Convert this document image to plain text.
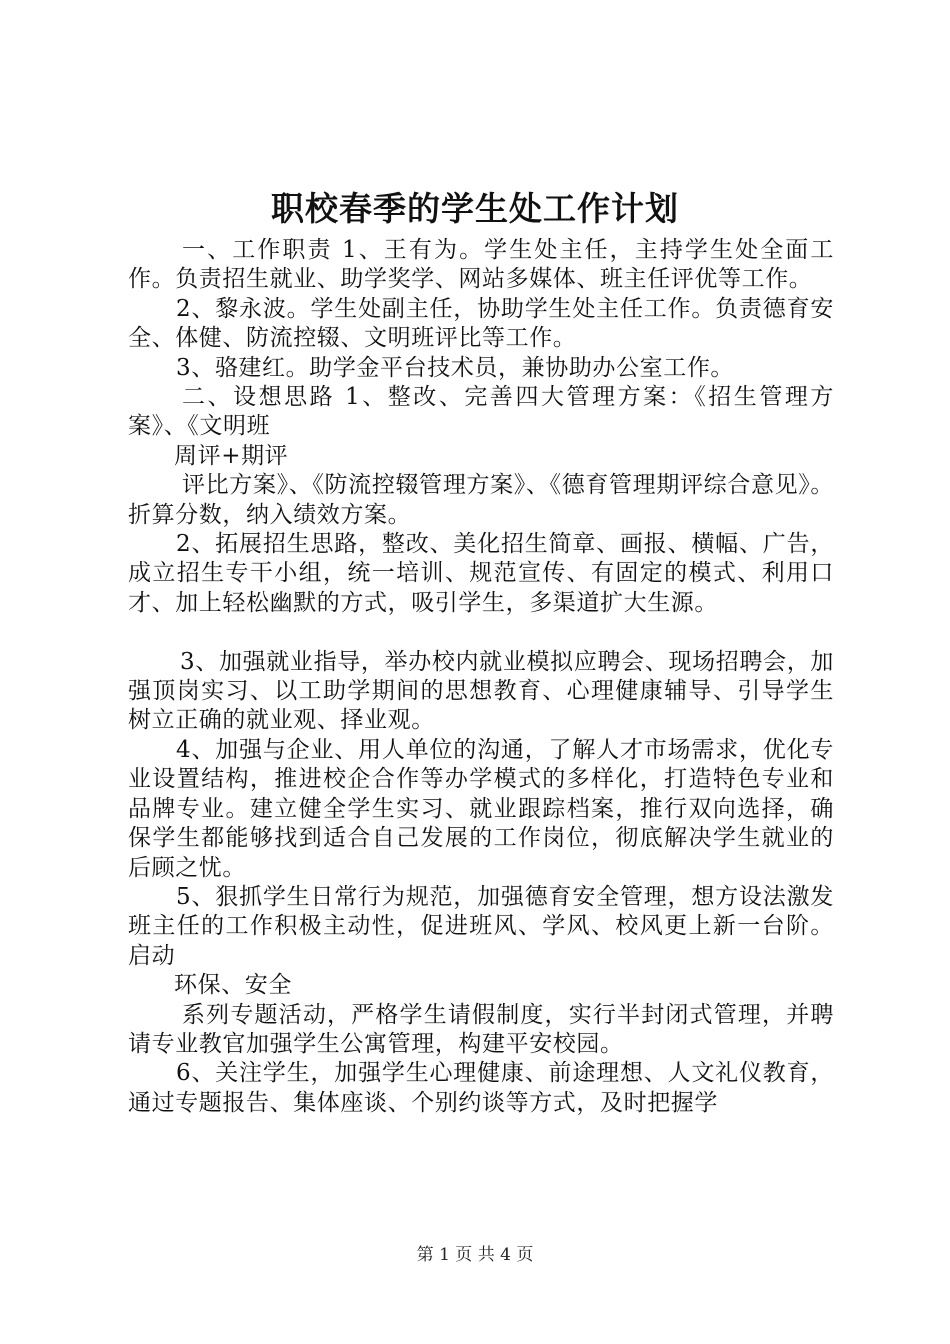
职校春季的学生处工作计划

一、工作职责 1、王有为。学生处主任，主持学生处全面工作。负责招生就业、助学奖学、网站多媒体、班主任评优等工作。

2、黎永波。学生处副主任，协助学生处主任工作。负责德育安全、体健、防流控辍、文明班评比等工作。

3、骆建红。助学金平台技术员，兼协助办公室工作。

二、设想思路 1、整改、完善四大管理方案：《招生管理方案》、《文明班

周评+期评

评比方案》、《防流控辍管理方案》、《德育管理期评综合意见》。折算分数，纳入绩效方案。

2、拓展招生思路，整改、美化招生简章、画报、横幅、广告，成立招生专干小组，统一培训、规范宣传、有固定的模式、利用口才、加上轻松幽默的方式，吸引学生，多渠道扩大生源。

3、加强就业指导，举办校内就业模拟应聘会、现场招聘会，加强顶岗实习、以工助学期间的思想教育、心理健康辅导、引导学生树立正确的就业观、择业观。

4、加强与企业、用人单位的沟通，了解人才市场需求，优化专业设置结构，推进校企合作等办学模式的多样化，打造特色专业和品牌专业。建立健全学生实习、就业跟踪档案，推行双向选择，确保学生都能够找到适合自己发展的工作岗位，彻底解决学生就业的后顾之忧。

5、狠抓学生日常行为规范，加强德育安全管理，想方设法激发班主任的工作积极主动性，促进班风、学风、校风更上新一台阶。启动

环保、安全

系列专题活动，严格学生请假制度，实行半封闭式管理，并聘请专业教官加强学生公寓管理，构建平安校园。

6、关注学生，加强学生心理健康、前途理想、人文礼仪教育，通过专题报告、集体座谈、个别约谈等方式，及时把握学

第 1 页 共 4 页
